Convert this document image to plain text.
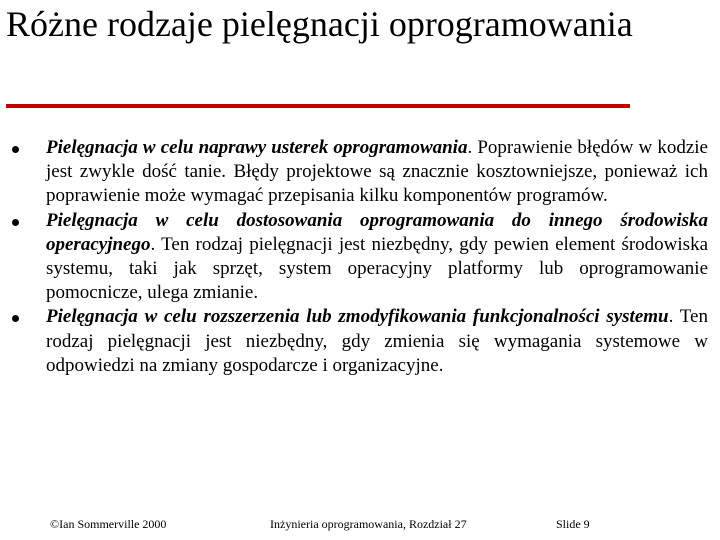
Różne rodzaje pielęgnacji oprogramowania

Pielęgnacja w celu naprawy usterek oprogramowania. Poprawienie błędów w kodzie jest zwykle dość tanie. Błędy projektowe są znacznie kosztowniejsze, ponieważ ich poprawienie może wymagać przepisania kilku komponentów programów.

Pielęgnacja w celu dostosowania oprogramowania do innego środowiska operacyjnego. Ten rodzaj pielęgnacji jest niezbędny, gdy pewien element środowiska systemu, taki jak sprzęt, system operacyjny platformy lub oprogramowanie pomocnicze, ulega zmianie.

Pielęgnacja w celu rozszerzenia lub zmodyfikowania funkcjonalności systemu. Ten rodzaj pielęgnacji jest niezbędny, gdy zmienia się wymagania systemowe w odpowiedzi na zmiany gospodarcze i organizacyjne.

©Ian Sommerville 2000	Inżynieria oprogramowania, Rozdział 27	Slide 9
